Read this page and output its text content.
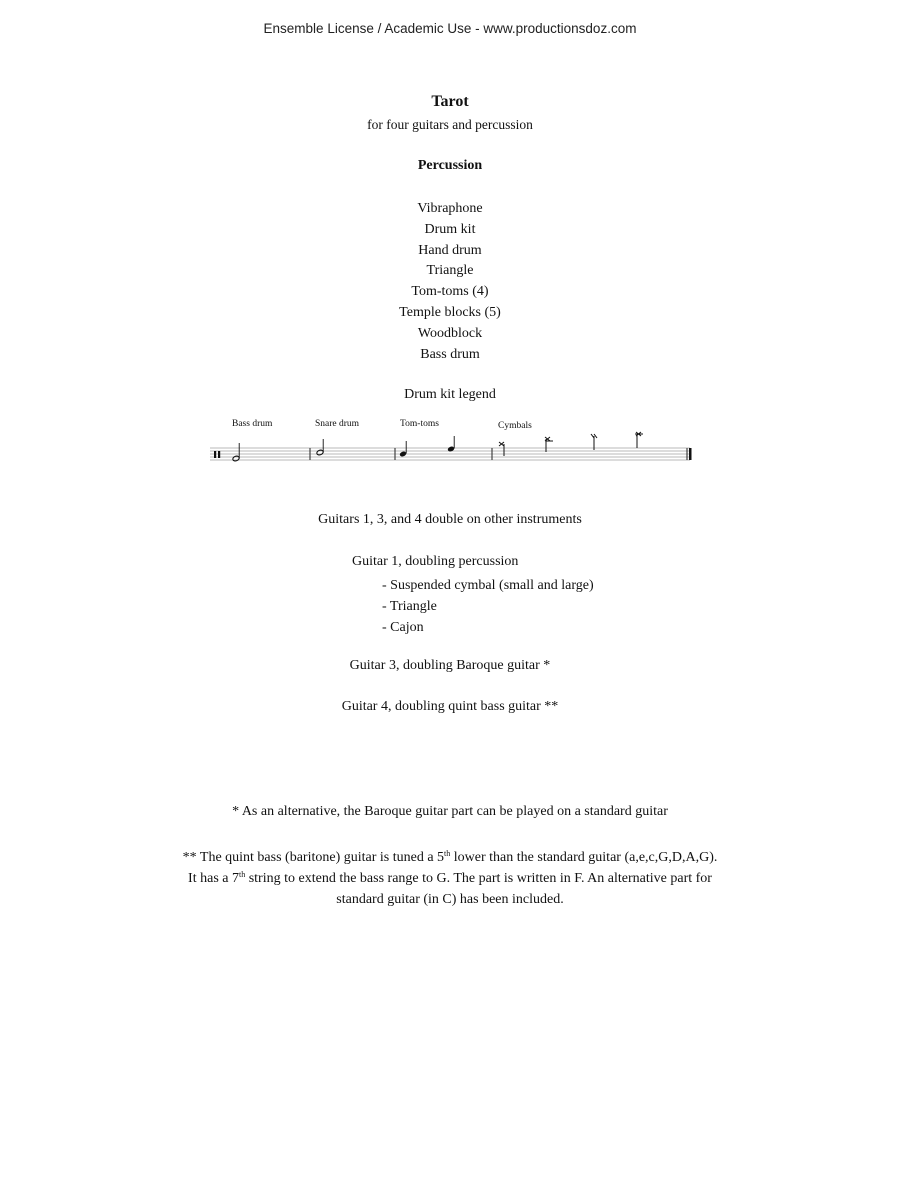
Ensemble License / Academic Use - www.productionsdoz.com
Tarot
for four guitars and percussion
Percussion
Vibraphone
Drum kit
Hand drum
Triangle
Tom-toms (4)
Temple blocks (5)
Woodblock
Bass drum
Drum kit legend
Bass drum	Snare drum	Tom-toms	Cymbals
Guitars 1, 3, and 4 double on other instruments
Guitar 1, doubling percussion
- Suspended cymbal (small and large)
- Triangle
- Cajon
Guitar 3, doubling Baroque guitar *
Guitar 4, doubling quint bass guitar **
* As an alternative, the Baroque guitar part can be played on a standard guitar
** The quint bass (baritone) guitar is tuned a 5th lower than the standard guitar (a,e,c,G,D,A,G).
It has a 7th string to extend the bass range to G. The part is written in F. An alternative part for
standard guitar (in C) has been included.
